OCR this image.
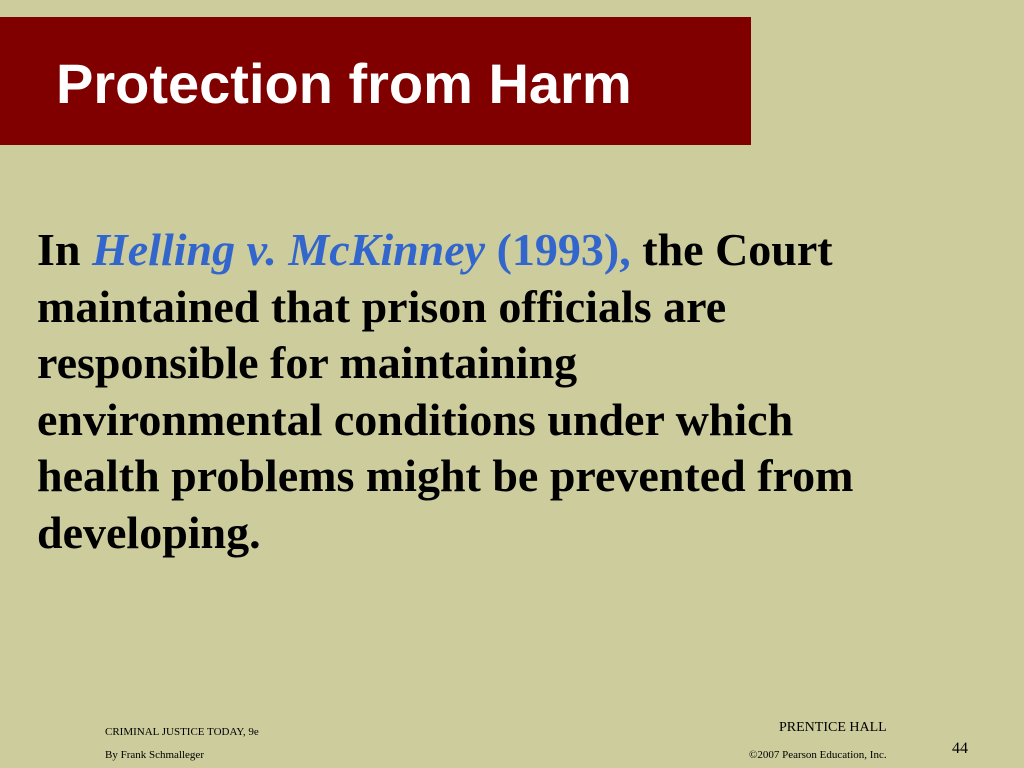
Protection from Harm
In Helling v. McKinney (1993), the Court
maintained that prison officials are
responsible for maintaining
environmental conditions under which
health problems might be prevented from
developing.
CRIMINAL JUSTICE TODAY, 9e
By Frank Schmalleger
PRENTICE HALL
©2007 Pearson Education, Inc.	44
